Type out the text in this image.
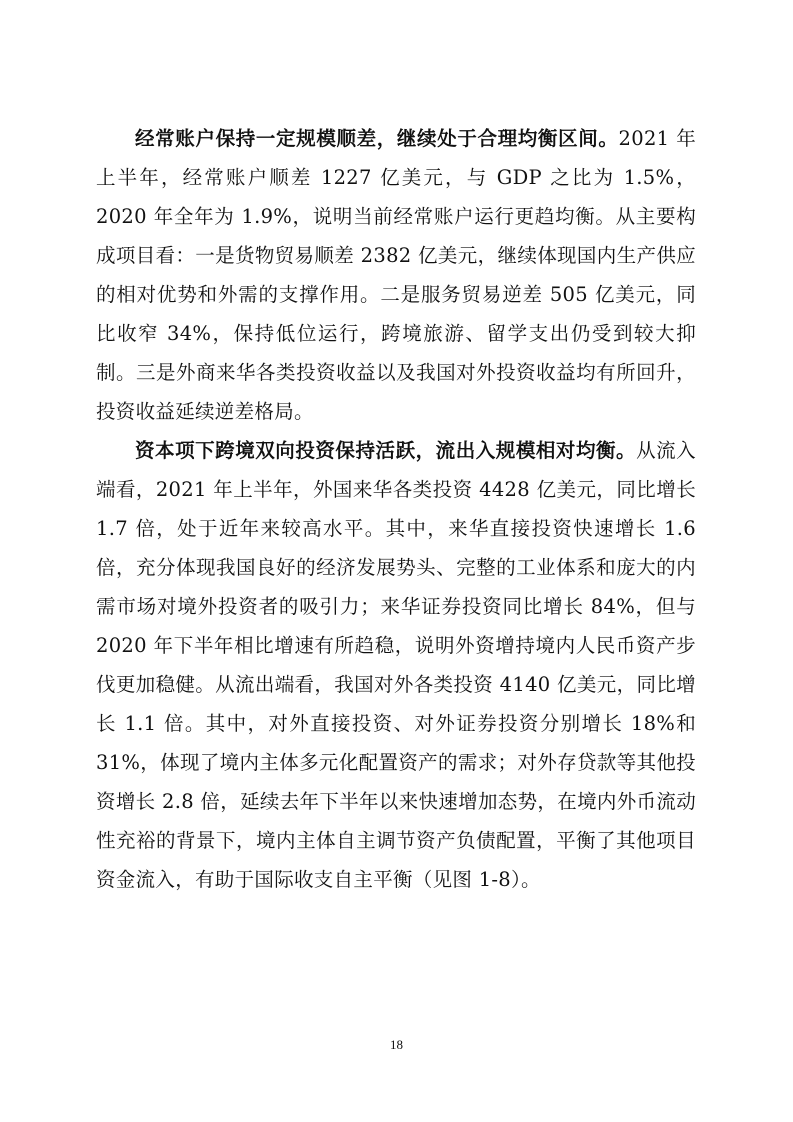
经常账户保持一定规模顺差，继续处于合理均衡区间。2021 年上半年，经常账户顺差 1227 亿美元，与 GDP 之比为 1.5%，2020 年全年为 1.9%，说明当前经常账户运行更趋均衡。从主要构成项目看：一是货物贸易顺差 2382 亿美元，继续体现国内生产供应的相对优势和外需的支撑作用。二是服务贸易逆差 505 亿美元，同比收窄 34%，保持低位运行，跨境旅游、留学支出仍受到较大抑制。三是外商来华各类投资收益以及我国对外投资收益均有所回升，投资收益延续逆差格局。

资本项下跨境双向投资保持活跃，流出入规模相对均衡。从流入端看，2021 年上半年，外国来华各类投资 4428 亿美元，同比增长 1.7 倍，处于近年来较高水平。其中，来华直接投资快速增长 1.6 倍，充分体现我国良好的经济发展势头、完整的工业体系和庞大的内需市场对境外投资者的吸引力；来华证券投资同比增长 84%，但与 2020 年下半年相比增速有所趋稳，说明外资增持境内人民币资产步伐更加稳健。从流出端看，我国对外各类投资 4140 亿美元，同比增长 1.1 倍。其中，对外直接投资、对外证券投资分别增长 18%和 31%，体现了境内主体多元化配置资产的需求；对外存贷款等其他投资增长 2.8 倍，延续去年下半年以来快速增加态势，在境内外币流动性充裕的背景下，境内主体自主调节资产负债配置，平衡了其他项目资金流入，有助于国际收支自主平衡（见图 1-8）。

18
